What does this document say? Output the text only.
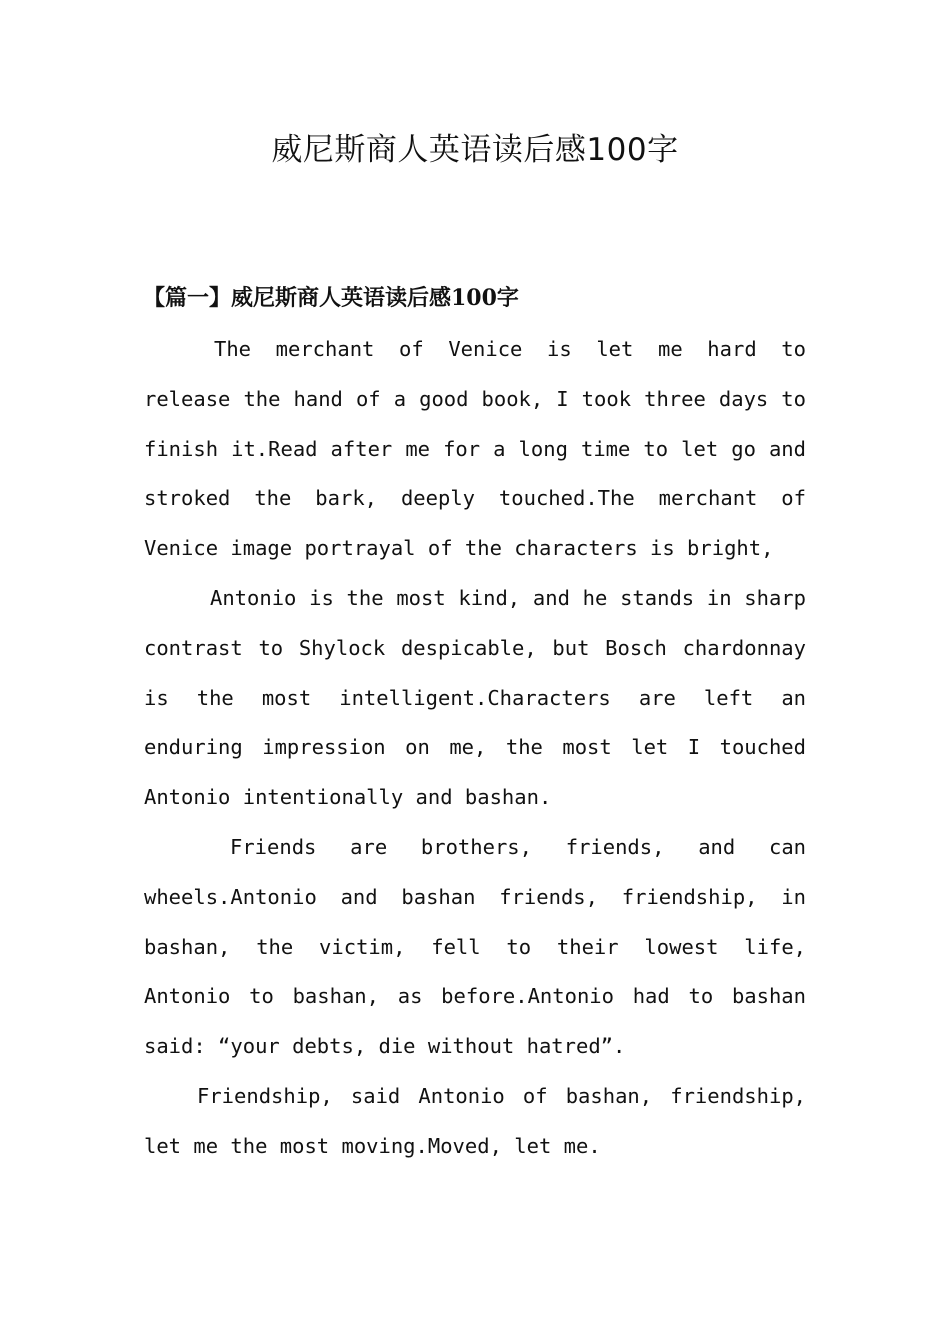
威尼斯商人英语读后感100字
【篇一】威尼斯商人英语读后感100字

The merchant of Venice is let me hard to release the hand of a good book, I took three days to finish it.Read after me for a long time to let go and stroked the bark, deeply touched.The merchant of Venice image portrayal of the characters is bright,

Antonio is the most kind, and he stands in sharp contrast to Shylock despicable, but Bosch chardonnay is the most intelligent.Characters are left an enduring impression on me, the most let I touched Antonio intentionally and bashan.

Friends are brothers, friends, and can wheels.Antonio and bashan friends, friendship, in bashan, the victim, fell to their lowest life, Antonio to bashan, as before.Antonio had to bashan said: “your debts, die without hatred”.

Friendship, said Antonio of bashan, friendship, let me the most moving.Moved, let me.
